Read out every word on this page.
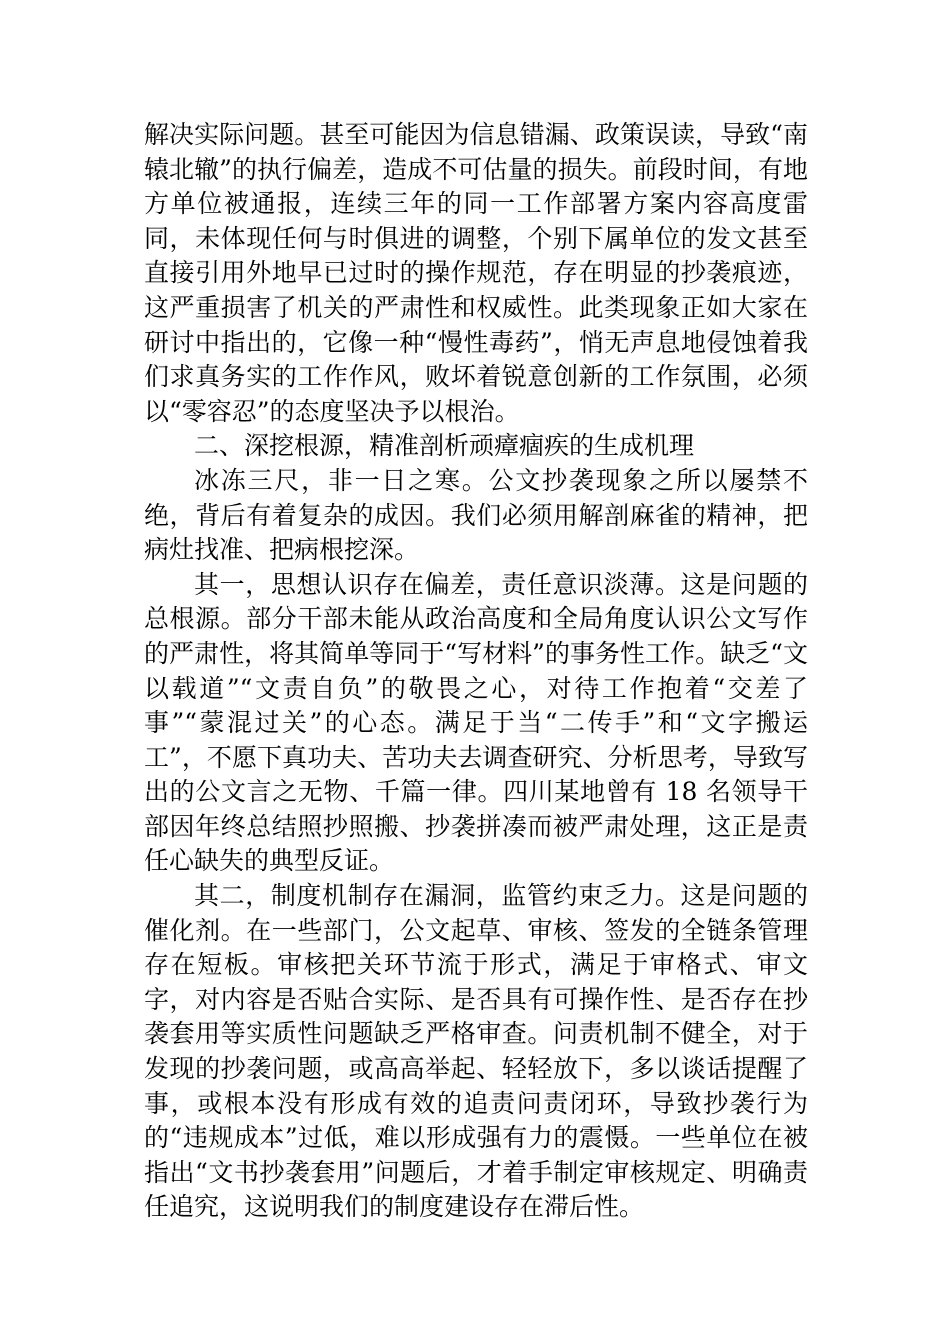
解决实际问题。甚至可能因为信息错漏、政策误读，导致“南辕北辙”的执行偏差，造成不可估量的损失。前段时间，有地方单位被通报，连续三年的同一工作部署方案内容高度雷同，未体现任何与时俱进的调整，个别下属单位的发文甚至直接引用外地早已过时的操作规范，存在明显的抄袭痕迹，这严重损害了机关的严肃性和权威性。此类现象正如大家在研讨中指出的，它像一种“慢性毒药”，悄无声息地侵蚀着我们求真务实的工作作风，败坏着锐意创新的工作氛围，必须以“零容忍”的态度坚决予以根治。

二、深挖根源，精准剖析顽瘴痼疾的生成机理

冰冻三尺，非一日之寒。公文抄袭现象之所以屡禁不绝，背后有着复杂的成因。我们必须用解剖麻雀的精神，把病灶找准、把病根挖深。

其一，思想认识存在偏差，责任意识淡薄。这是问题的总根源。部分干部未能从政治高度和全局角度认识公文写作的严肃性，将其简单等同于“写材料”的事务性工作。缺乏“文以载道”“文责自负”的敬畏之心，对待工作抱着“交差了事”“蒙混过关”的心态。满足于当“二传手”和“文字搬运工”，不愿下真功夫、苦功夫去调查研究、分析思考，导致写出的公文言之无物、千篇一律。四川某地曾有 18 名领导干部因年终总结照抄照搬、抄袭拼凑而被严肃处理，这正是责任心缺失的典型反证。

其二，制度机制存在漏洞，监管约束乏力。这是问题的催化剂。在一些部门，公文起草、审核、签发的全链条管理存在短板。审核把关环节流于形式，满足于审格式、审文字，对内容是否贴合实际、是否具有可操作性、是否存在抄袭套用等实质性问题缺乏严格审查。问责机制不健全，对于发现的抄袭问题，或高高举起、轻轻放下，多以谈话提醒了事，或根本没有形成有效的追责问责闭环，导致抄袭行为的“违规成本”过低，难以形成强有力的震慑。一些单位在被指出“文书抄袭套用”问题后，才着手制定审核规定、明确责任追究，这说明我们的制度建设存在滞后性。
